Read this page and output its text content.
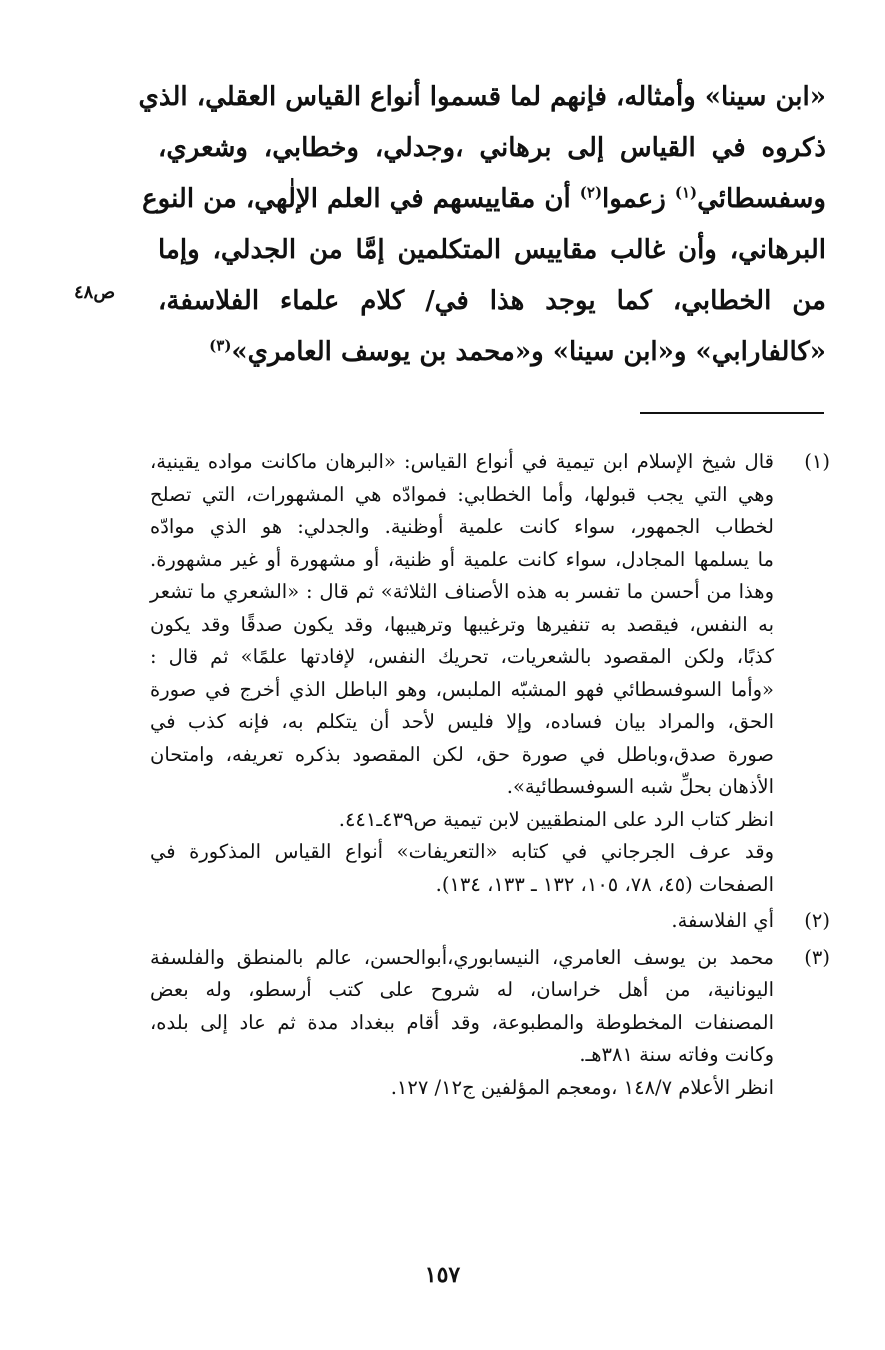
«ابن سينا» وأمثاله، فإنهم لما قسموا أنواع القياس العقلي، الذي
ذكروه في القياس إلى برهاني ،وجدلي، وخطابي، وشعري،
وسفسطائي$^{(١)}$ زعموا$^{(٢)}$ أن مقاييسهم في العلم الإلٰهي، من النوع
البرهاني، وأن غالب مقاييس المتكلمين إمَّا من الجدلي، وإما
من الخطابي، كما يوجد هذا في/ كلام علماء الفلاسفة،
«كالفارابي» و«ابن سينا» و«محمد بن يوسف العامري»$^{(٣)}$
ص٤٨
(١)
قال شيخ الإسلام ابن تيمية في أنواع القياس: «البرهان ماكانت مواده يقينية،
وهي التي يجب قبولها، وأما الخطابي: فموادّه هي المشهورات، التي تصلح
لخطاب الجمهور، سواء كانت علمية أوظنية. والجدلي: هو الذي موادّه
ما يسلمها المجادل، سواء كانت علمية أو ظنية، أو مشهورة أو غير مشهورة.
وهذا من أحسن ما تفسر به هذه الأصناف الثلاثة» ثم قال : «الشعري ما تشعر
به النفس، فيقصد به تنفيرها وترغيبها وترهيبها، وقد يكون صدقًا وقد يكون
كذبًا، ولكن المقصود بالشعريات، تحريك النفس، لإفادتها علمًا» ثم قال :
«وأما السوفسطائي فهو المشبّه الملبس، وهو الباطل الذي أخرج في صورة
الحق، والمراد بيان فساده، وإلا فليس لأحد أن يتكلم به، فإنه كذب في
صورة صدق،وباطل في صورة حق، لكن المقصود بذكره تعريفه، وامتحان
الأذهان بحلِّ شبه السوفسطائية».
انظر كتاب الرد على المنطقيين لابن تيمية ص٤٣٩ـ٤٤١.
وقد عرف الجرجاني في كتابه «التعريفات» أنواع القياس المذكورة في
الصفحات (٤٥، ٧٨، ١٠٥، ١٣٢ ـ ١٣٣، ١٣٤).
(٢)
أي الفلاسفة.
(٣)
محمد بن يوسف العامري، النيسابوري،أبوالحسن، عالم بالمنطق والفلسفة
اليونانية، من أهل خراسان، له شروح على كتب أرسطو، وله بعض
المصنفات المخطوطة والمطبوعة، وقد أقام ببغداد مدة ثم عاد إلى بلده،
وكانت وفاته سنة ٣٨١هـ.
انظر الأعلام ١٤٨/٧ ،ومعجم المؤلفين ج١٢/ ١٢٧.
١٥٧
